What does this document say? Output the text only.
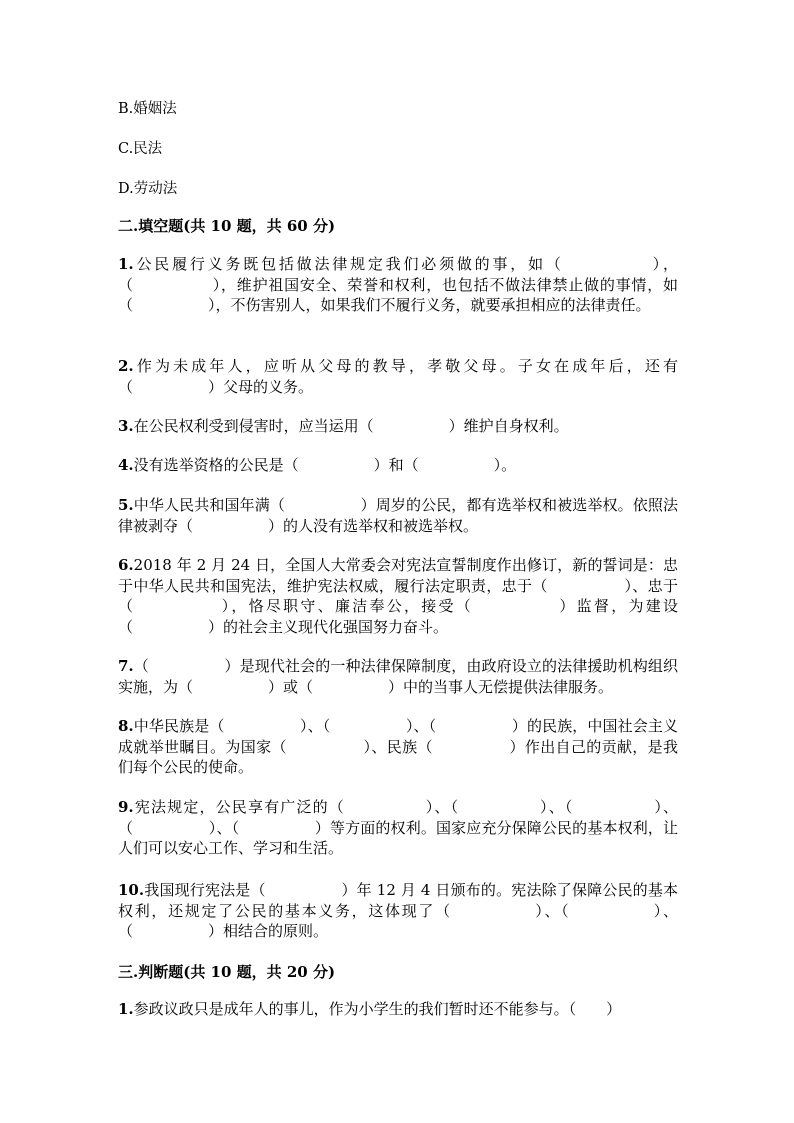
B.婚姻法
C.民法
D.劳动法
二.填空题(共 10 题，共 60 分)
1.公民履行义务既包括做法律规定我们必须做的事，如（　　　　　），（　　　　　），维护祖国安全、荣誉和权利，也包括不做法律禁止做的事情，如（　　　　　），不伤害别人，如果我们不履行义务，就要承担相应的法律责任。
2.作为未成年人，应听从父母的教导，孝敬父母。子女在成年后，还有（　　　　　）父母的义务。
3.在公民权利受到侵害时，应当运用（　　　　　）维护自身权利。
4.没有选举资格的公民是（　　　　　）和（　　　　　）。
5.中华人民共和国年满（　　　　　）周岁的公民，都有选举权和被选举权。依照法律被剥夺（　　　　　）的人没有选举权和被选举权。
6.2018 年 2 月 24 日，全国人大常委会对宪法宣誓制度作出修订，新的誓词是：忠于中华人民共和国宪法，维护宪法权威，履行法定职责，忠于（　　　　　）、忠于（　　　　　），恪尽职守、廉洁奉公，接受（　　　　　）监督，为建设（　　　　　）的社会主义现代化强国努力奋斗。
7.（　　　　　）是现代社会的一种法律保障制度，由政府设立的法律援助机构组织实施，为（　　　　　）或（　　　　　）中的当事人无偿提供法律服务。
8.中华民族是（　　　　　）、（　　　　　）、（　　　　　）的民族，中国社会主义成就举世瞩目。为国家（　　　　　）、民族（　　　　　）作出自己的贡献，是我们每个公民的使命。
9.宪法规定，公民享有广泛的（　　　　　）、（　　　　　）、（　　　　　）、（　　　　　）、（　　　　　）等方面的权利。国家应充分保障公民的基本权利，让人们可以安心工作、学习和生活。
10.我国现行宪法是（　　　　　）年 12 月 4 日颁布的。宪法除了保障公民的基本权利，还规定了公民的基本义务，这体现了（　　　　　）、（　　　　　）、（　　　　　）相结合的原则。
三.判断题(共 10 题，共 20 分)
1.参政议政只是成年人的事儿，作为小学生的我们暂时还不能参与。（　　）
